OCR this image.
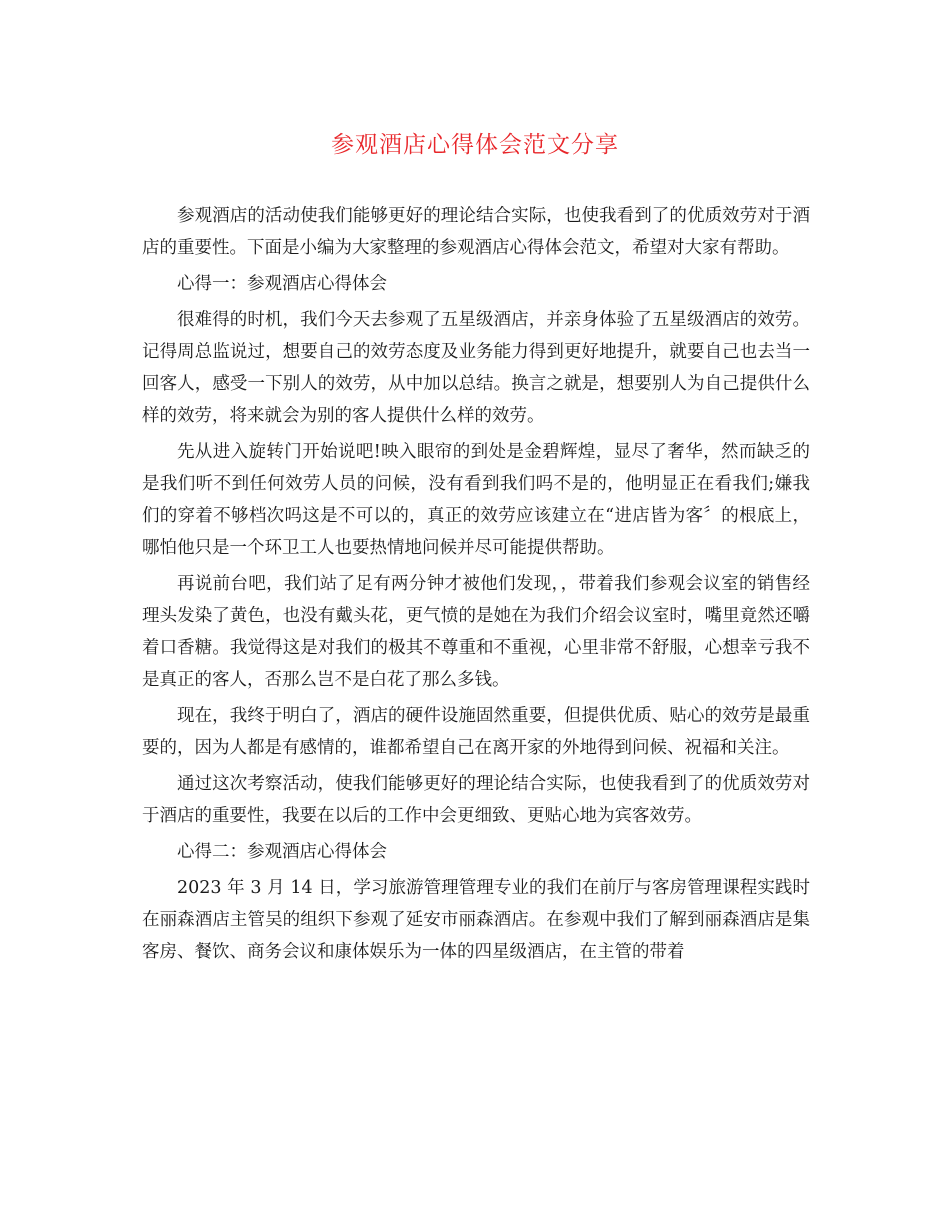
参观酒店心得体会范文分享

参观酒店的活动使我们能够更好的理论结合实际，也使我看到了的优质效劳对于酒店的重要性。下面是小编为大家整理的参观酒店心得体会范文，希望对大家有帮助。

心得一：参观酒店心得体会

很难得的时机，我们今天去参观了五星级酒店，并亲身体验了五星级酒店的效劳。记得周总监说过，想要自己的效劳态度及业务能力得到更好地提升，就要自己也去当一回客人，感受一下别人的效劳，从中加以总结。换言之就是，想要别人为自己提供什么样的效劳，将来就会为别的客人提供什么样的效劳。

先从进入旋转门开始说吧!映入眼帘的到处是金碧辉煌，显尽了奢华，然而缺乏的是我们听不到任何效劳人员的问候，没有看到我们吗不是的，他明显正在看我们;嫌我们的穿着不够档次吗这是不可以的，真正的效劳应该建立在“进店皆为客〞的根底上，哪怕他只是一个环卫工人也要热情地问候并尽可能提供帮助。

再说前台吧，我们站了足有两分钟才被他们发现，，带着我们参观会议室的销售经理头发染了黄色，也没有戴头花，更气愤的是她在为我们介绍会议室时，嘴里竟然还嚼着口香糖。我觉得这是对我们的极其不尊重和不重视，心里非常不舒服，心想幸亏我不是真正的客人，否那么岂不是白花了那么多钱。

现在，我终于明白了，酒店的硬件设施固然重要，但提供优质、贴心的效劳是最重要的，因为人都是有感情的，谁都希望自己在离开家的外地得到问候、祝福和关注。

通过这次考察活动，使我们能够更好的理论结合实际，也使我看到了的优质效劳对于酒店的重要性，我要在以后的工作中会更细致、更贴心地为宾客效劳。

心得二：参观酒店心得体会

2023 年 3 月 14 日，学习旅游管理管理专业的我们在前厅与客房管理课程实践时在丽森酒店主管吴的组织下参观了延安市丽森酒店。在参观中我们了解到丽森酒店是集客房、餐饮、商务会议和康体娱乐为一体的四星级酒店，在主管的带着
